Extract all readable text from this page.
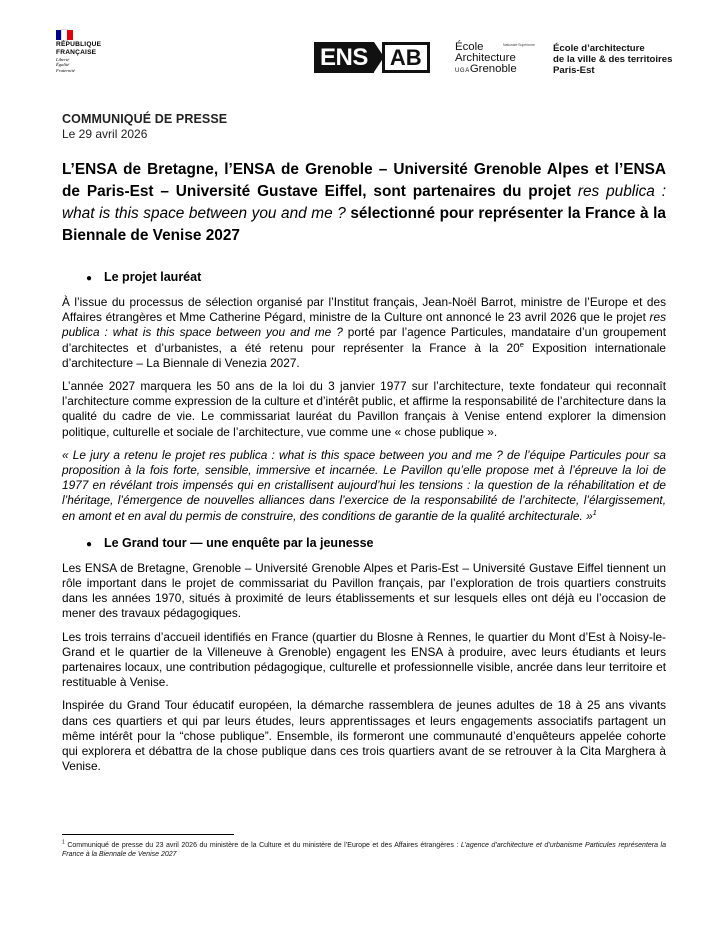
RÉPUBLIQUE
FRANÇAISE
Liberté
Égalité
Fraternité	ENS	AB	École	Nationale Supérieure
Architecture
UGAGrenoble
École d’architecture
de la ville & des territoires
Paris-Est
COMMUNIQUÉ DE PRESSE
Le 29 avril 2026
L’ENSA de Bretagne, l’ENSA de Grenoble – Université Grenoble Alpes et l’ENSA de Paris-Est – Université Gustave Eiffel, sont partenaires du projet res publica : what is this space between you and me ? sélectionné pour représenter la France à la Biennale de Venise 2027
● Le projet lauréat

À l’issue du processus de sélection organisé par l’Institut français, Jean-Noël Barrot, ministre de l’Europe et des Affaires étrangères et Mme Catherine Pégard, ministre de la Culture ont annoncé le 23 avril 2026 que le projet res publica : what is this space between you and me ? porté par l’agence Particules, mandataire d’un groupement d’architectes et d’urbanistes, a été retenu pour représenter la France à la 20e Exposition internationale d’architecture – La Biennale di Venezia 2027.

L’année 2027 marquera les 50 ans de la loi du 3 janvier 1977 sur l’architecture, texte fondateur qui reconnaît l’architecture comme expression de la culture et d’intérêt public, et affirme la responsabilité de l’architecture dans la qualité du cadre de vie. Le commissariat lauréat du Pavillon français à Venise entend explorer la dimension politique, culturelle et sociale de l’architecture, vue comme une « chose publique ».

« Le jury a retenu le projet res publica : what is this space between you and me ? de l’équipe Particules pour sa proposition à la fois forte, sensible, immersive et incarnée. Le Pavillon qu’elle propose met à l’épreuve la loi de 1977 en révélant trois impensés qui en cristallisent aujourd’hui les tensions : la question de la réhabilitation et de l’héritage, l’émergence de nouvelles alliances dans l’exercice de la responsabilité de l’architecte, l’élargissement, en amont et en aval du permis de construire, des conditions de garantie de la qualité architecturale. »$^1$

● Le Grand tour — une enquête par la jeunesse

Les ENSA de Bretagne, Grenoble – Université Grenoble Alpes et Paris-Est – Université Gustave Eiffel tiennent un rôle important dans le projet de commissariat du Pavillon français, par l’exploration de trois quartiers construits dans les années 1970, situés à proximité de leurs établissements et sur lesquels elles ont déjà eu l’occasion de mener des travaux pédagogiques.

Les trois terrains d’accueil identifiés en France (quartier du Blosne à Rennes, le quartier du Mont d’Est à Noisy-le-Grand et le quartier de la Villeneuve à Grenoble) engagent les ENSA à produire, avec leurs étudiants et leurs partenaires locaux, une contribution pédagogique, culturelle et professionnelle visible, ancrée dans leur territoire et restituable à Venise.

Inspirée du Grand Tour éducatif européen, la démarche rassemblera de jeunes adultes de 18 à 25 ans vivants dans ces quartiers et qui par leurs études, leurs apprentissages et leurs engagements associatifs partagent un même intérêt pour la “chose publique”. Ensemble, ils formeront une communauté d’enquêteurs appelée cohorte qui explorera et débattra de la chose publique dans ces trois quartiers avant de se retrouver à la Cita Marghera à Venise.

$^1$ Communiqué de presse du 23 avril 2026 du ministère de la Culture et du ministère de l’Europe et des Affaires étrangères : L’agence d’architecture et d’urbanisme Particules représentera la France à la Biennale de Venise 2027
